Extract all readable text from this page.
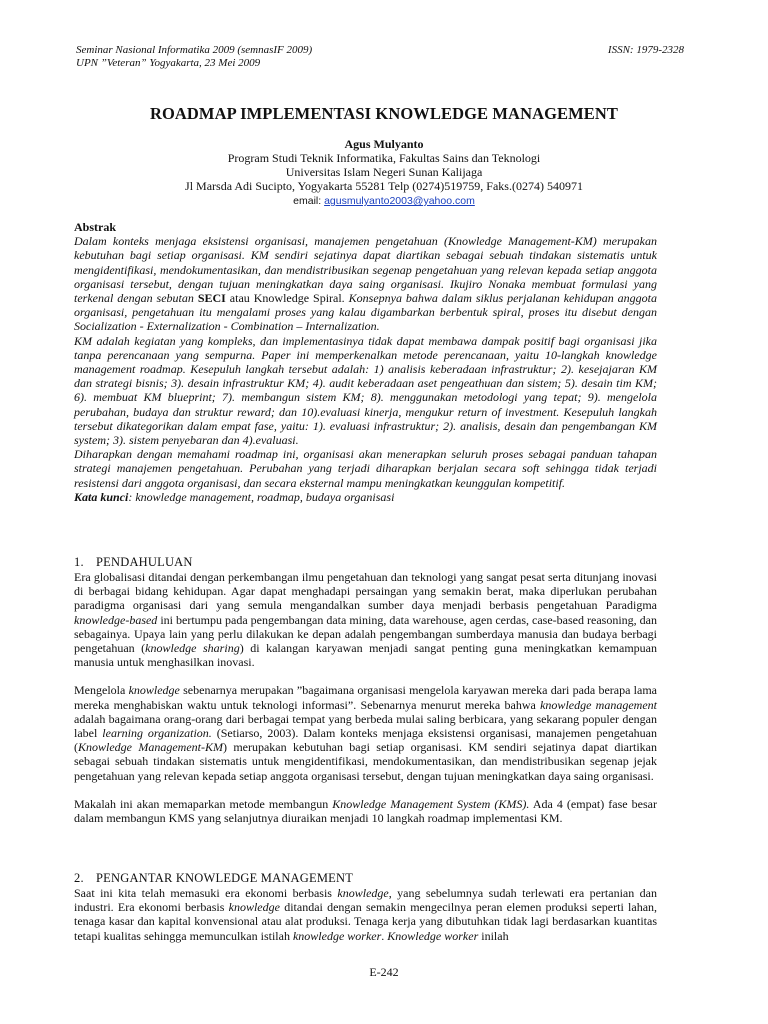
Seminar Nasional Informatika 2009 (semnasIF 2009)	ISSN: 1979-2328
UPN ”Veteran” Yogyakarta, 23 Mei 2009
ROADMAP IMPLEMENTASI KNOWLEDGE MANAGEMENT
Agus Mulyanto
Program Studi Teknik Informatika, Fakultas Sains dan Teknologi
Universitas Islam Negeri Sunan Kalijaga
Jl Marsda Adi Sucipto, Yogyakarta 55281 Telp (0274)519759, Faks.(0274) 540971
email: agusmulyanto2003@yahoo.com
Abstrak

Dalam konteks menjaga eksistensi organisasi, manajemen pengetahuan (Knowledge Management-KM) merupakan kebutuhan bagi setiap organisasi. KM sendiri sejatinya dapat diartikan sebagai sebuah tindakan sistematis untuk mengidentifikasi, mendokumentasikan, dan mendistribusikan segenap pengetahuan yang relevan kepada setiap anggota organisasi tersebut, dengan tujuan meningkatkan daya saing organisasi. Ikujiro Nonaka membuat formulasi yang terkenal dengan sebutan SECI atau Knowledge Spiral. Konsepnya bahwa dalam siklus perjalanan kehidupan anggota organisasi, pengetahuan itu mengalami proses yang kalau digambarkan berbentuk spiral, proses itu disebut dengan Socialization - Externalization - Combination – Internalization.

KM adalah kegiatan yang kompleks, dan implementasinya tidak dapat membawa dampak positif bagi organisasi jika tanpa perencanaan yang sempurna. Paper ini memperkenalkan metode perencanaan, yaitu 10-langkah knowledge management roadmap. Kesepuluh langkah tersebut adalah: 1) analisis keberadaan infrastruktur; 2). kesejajaran KM dan strategi bisnis; 3). desain infrastruktur KM; 4). audit keberadaan aset pengeathuan dan sistem; 5). desain tim KM; 6). membuat KM blueprint; 7). membangun sistem KM; 8). menggunakan metodologi yang tepat; 9). mengelola perubahan, budaya dan struktur reward; dan 10).evaluasi kinerja, mengukur return of investment. Kesepuluh langkah tersebut dikategorikan dalam empat fase, yaitu: 1). evaluasi infrastruktur; 2). analisis, desain dan pengembangan KM system; 3). sistem penyebaran dan 4).evaluasi.

Diharapkan dengan memahami roadmap ini, organisasi akan menerapkan seluruh proses sebagai panduan tahapan strategi manajemen pengetahuan. Perubahan yang terjadi diharapkan berjalan secara soft sehingga tidak terjadi resistensi dari anggota organisasi, dan secara eksternal mampu meningkatkan keunggulan kompetitif.

Kata kunci: knowledge management, roadmap, budaya organisasi

1. PENDAHULUAN

Era globalisasi ditandai dengan perkembangan ilmu pengetahuan dan teknologi yang sangat pesat serta ditunjang inovasi di berbagai bidang kehidupan. Agar dapat menghadapi persaingan yang semakin berat, maka diperlukan perubahan paradigma organisasi dari yang semula mengandalkan sumber daya menjadi berbasis pengetahuan Paradigma knowledge-based ini bertumpu pada pengembangan data mining, data warehouse, agen cerdas, case-based reasoning, dan sebagainya. Upaya lain yang perlu dilakukan ke depan adalah pengembangan sumberdaya manusia dan budaya berbagi pengetahuan (knowledge sharing) di kalangan karyawan menjadi sangat penting guna meningkatkan kemampuan manusia untuk menghasilkan inovasi.

Mengelola knowledge sebenarnya merupakan ”bagaimana organisasi mengelola karyawan mereka dari pada berapa lama mereka menghabiskan waktu untuk teknologi informasi”. Sebenarnya menurut mereka bahwa knowledge management adalah bagaimana orang-orang dari berbagai tempat yang berbeda mulai saling berbicara, yang sekarang populer dengan label learning organization. (Setiarso, 2003). Dalam konteks menjaga eksistensi organisasi, manajemen pengetahuan (Knowledge Management-KM) merupakan kebutuhan bagi setiap organisasi. KM sendiri sejatinya dapat diartikan sebagai sebuah tindakan sistematis untuk mengidentifikasi, mendokumentasikan, dan mendistribusikan segenap jejak pengetahuan yang relevan kepada setiap anggota organisasi tersebut, dengan tujuan meningkatkan daya saing organisasi.

Makalah ini akan memaparkan metode membangun Knowledge Management System (KMS). Ada 4 (empat) fase besar dalam membangun KMS yang selanjutnya diuraikan menjadi 10 langkah roadmap implementasi KM.

2. PENGANTAR KNOWLEDGE MANAGEMENT

Saat ini kita telah memasuki era ekonomi berbasis knowledge, yang sebelumnya sudah terlewati era pertanian dan industri. Era ekonomi berbasis knowledge ditandai dengan semakin mengecilnya peran elemen produksi seperti lahan, tenaga kasar dan kapital konvensional atau alat produksi. Tenaga kerja yang dibutuhkan tidak lagi berdasarkan kuantitas tetapi kualitas sehingga memunculkan istilah knowledge worker. Knowledge worker inilah

E-242
